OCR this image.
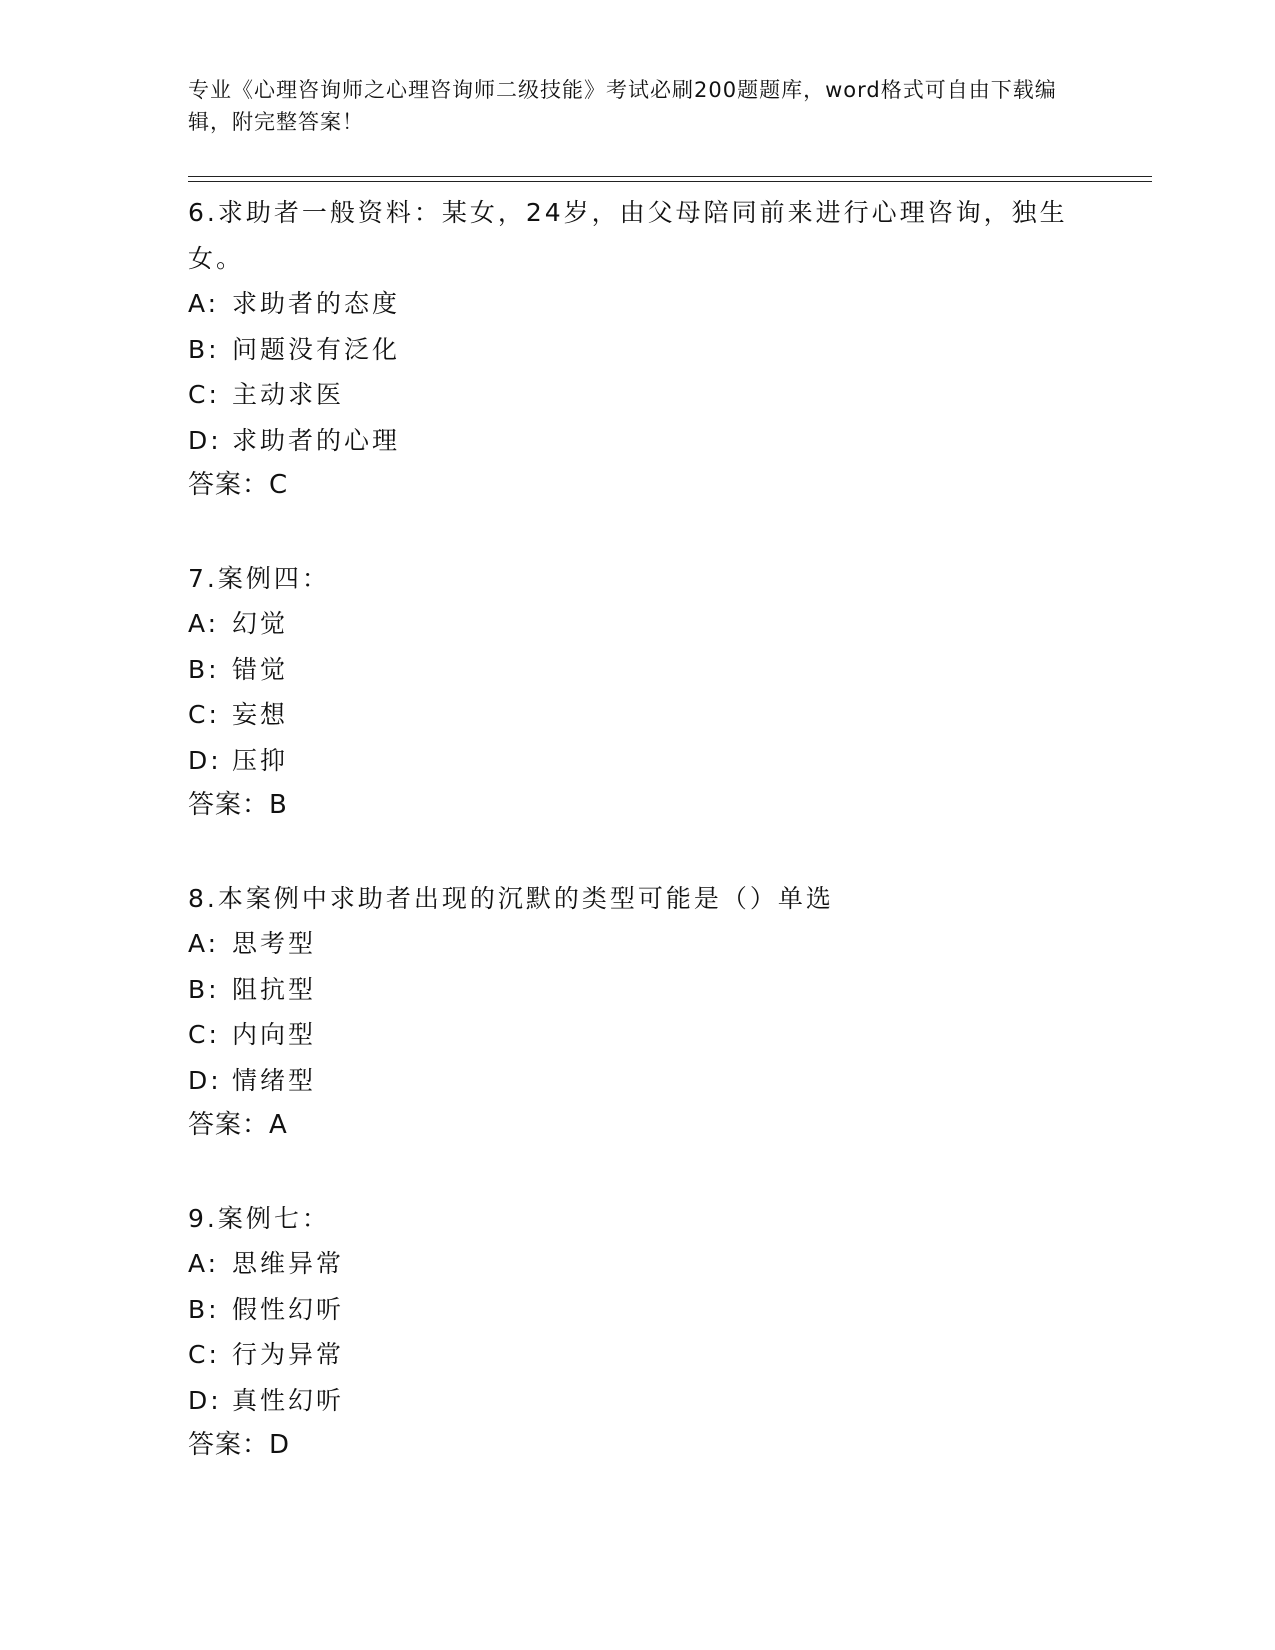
专业《心理咨询师之心理咨询师二级技能》考试必刷200题题库，word格式可自由下载编辑，附完整答案！
6.求助者一般资料：某女，24岁，由父母陪同前来进行心理咨询，独生女。
A: 求助者的态度
B: 问题没有泛化
C: 主动求医
D: 求助者的心理
答案：C
7.案例四：
A: 幻觉
B: 错觉
C: 妄想
D: 压抑
答案：B
8.本案例中求助者出现的沉默的类型可能是（）单选
A: 思考型
B: 阻抗型
C: 内向型
D: 情绪型
答案：A
9.案例七：
A: 思维异常
B: 假性幻听
C: 行为异常
D: 真性幻听
答案：D
